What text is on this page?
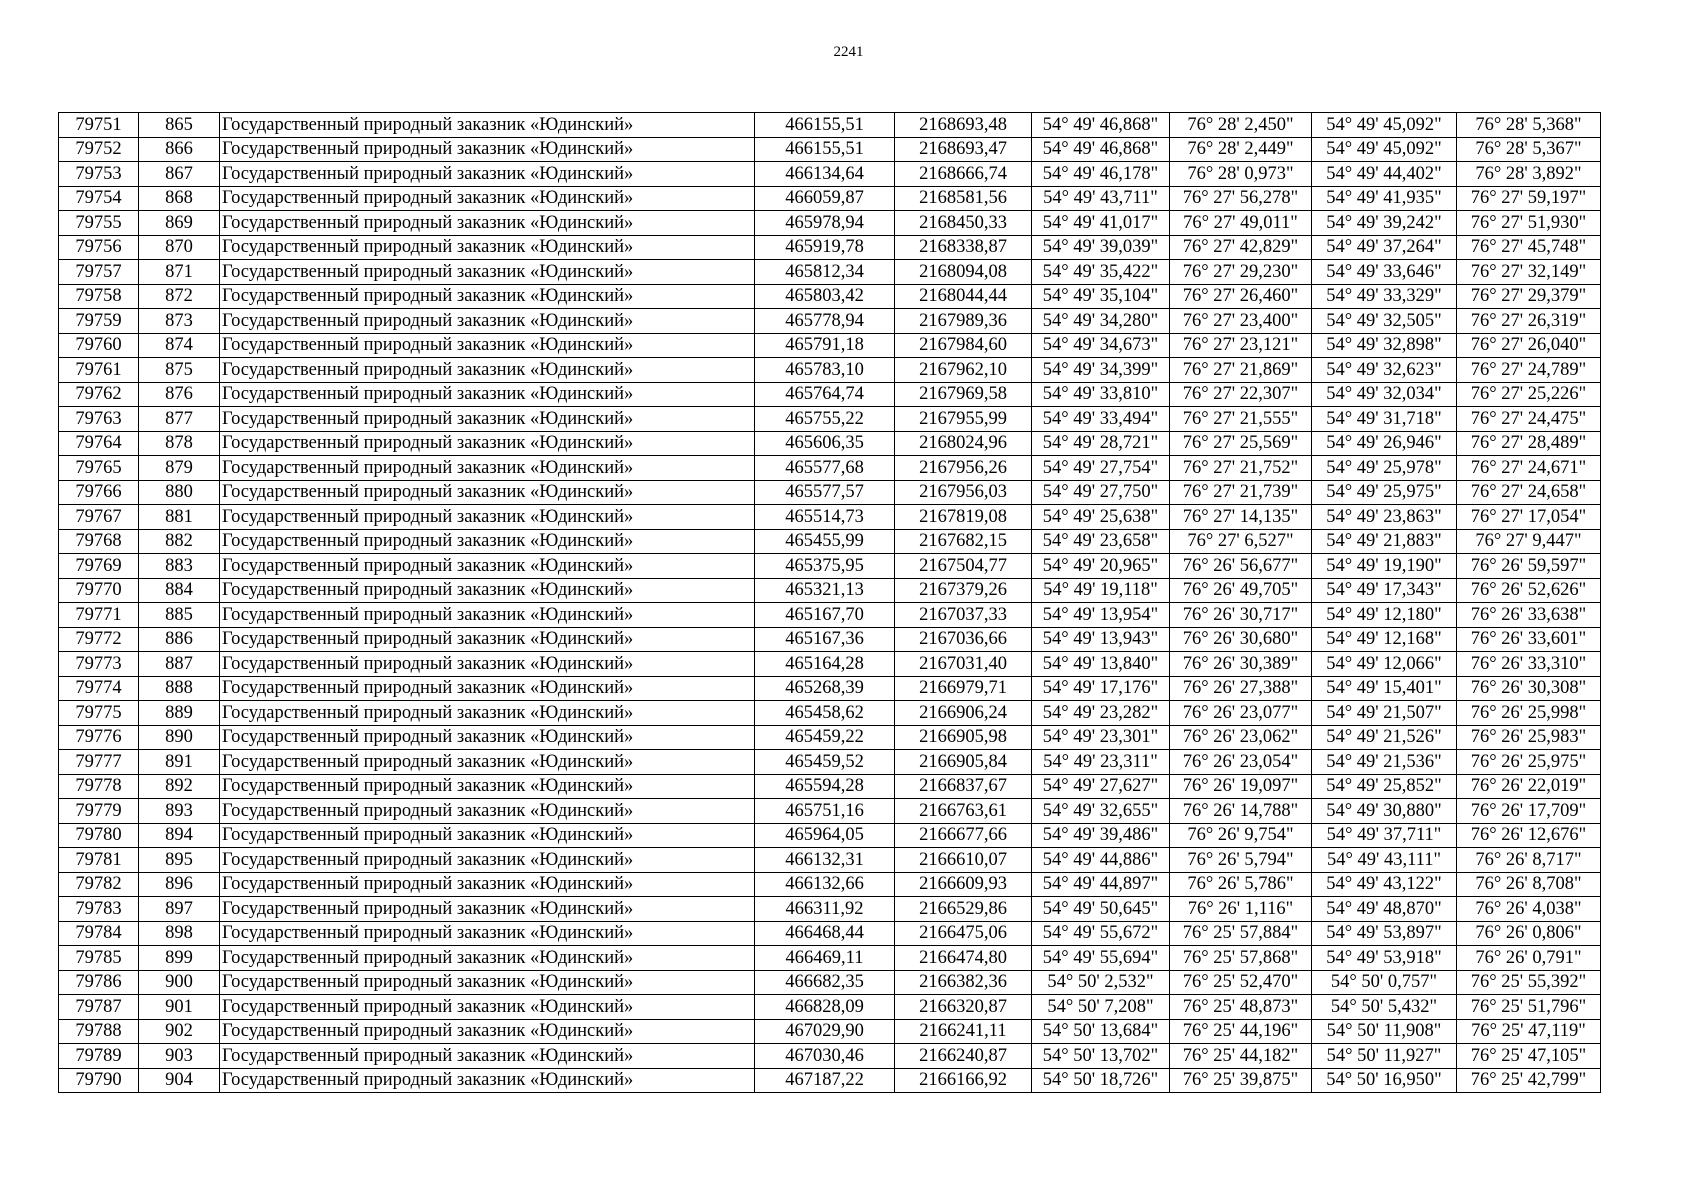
2241
79751	865	Государственный природный заказник «Юдинский»	466155,51	2168693,48	54° 49' 46,868"	76° 28' 2,450"	54° 49' 45,092"	76° 28' 5,368"
79752	866	Государственный природный заказник «Юдинский»	466155,51	2168693,47	54° 49' 46,868"	76° 28' 2,449"	54° 49' 45,092"	76° 28' 5,367"
79753	867	Государственный природный заказник «Юдинский»	466134,64	2168666,74	54° 49' 46,178"	76° 28' 0,973"	54° 49' 44,402"	76° 28' 3,892"
79754	868	Государственный природный заказник «Юдинский»	466059,87	2168581,56	54° 49' 43,711"	76° 27' 56,278"	54° 49' 41,935"	76° 27' 59,197"
79755	869	Государственный природный заказник «Юдинский»	465978,94	2168450,33	54° 49' 41,017"	76° 27' 49,011"	54° 49' 39,242"	76° 27' 51,930"
79756	870	Государственный природный заказник «Юдинский»	465919,78	2168338,87	54° 49' 39,039"	76° 27' 42,829"	54° 49' 37,264"	76° 27' 45,748"
79757	871	Государственный природный заказник «Юдинский»	465812,34	2168094,08	54° 49' 35,422"	76° 27' 29,230"	54° 49' 33,646"	76° 27' 32,149"
79758	872	Государственный природный заказник «Юдинский»	465803,42	2168044,44	54° 49' 35,104"	76° 27' 26,460"	54° 49' 33,329"	76° 27' 29,379"
79759	873	Государственный природный заказник «Юдинский»	465778,94	2167989,36	54° 49' 34,280"	76° 27' 23,400"	54° 49' 32,505"	76° 27' 26,319"
79760	874	Государственный природный заказник «Юдинский»	465791,18	2167984,60	54° 49' 34,673"	76° 27' 23,121"	54° 49' 32,898"	76° 27' 26,040"
79761	875	Государственный природный заказник «Юдинский»	465783,10	2167962,10	54° 49' 34,399"	76° 27' 21,869"	54° 49' 32,623"	76° 27' 24,789"
79762	876	Государственный природный заказник «Юдинский»	465764,74	2167969,58	54° 49' 33,810"	76° 27' 22,307"	54° 49' 32,034"	76° 27' 25,226"
79763	877	Государственный природный заказник «Юдинский»	465755,22	2167955,99	54° 49' 33,494"	76° 27' 21,555"	54° 49' 31,718"	76° 27' 24,475"
79764	878	Государственный природный заказник «Юдинский»	465606,35	2168024,96	54° 49' 28,721"	76° 27' 25,569"	54° 49' 26,946"	76° 27' 28,489"
79765	879	Государственный природный заказник «Юдинский»	465577,68	2167956,26	54° 49' 27,754"	76° 27' 21,752"	54° 49' 25,978"	76° 27' 24,671"
79766	880	Государственный природный заказник «Юдинский»	465577,57	2167956,03	54° 49' 27,750"	76° 27' 21,739"	54° 49' 25,975"	76° 27' 24,658"
79767	881	Государственный природный заказник «Юдинский»	465514,73	2167819,08	54° 49' 25,638"	76° 27' 14,135"	54° 49' 23,863"	76° 27' 17,054"
79768	882	Государственный природный заказник «Юдинский»	465455,99	2167682,15	54° 49' 23,658"	76° 27' 6,527"	54° 49' 21,883"	76° 27' 9,447"
79769	883	Государственный природный заказник «Юдинский»	465375,95	2167504,77	54° 49' 20,965"	76° 26' 56,677"	54° 49' 19,190"	76° 26' 59,597"
79770	884	Государственный природный заказник «Юдинский»	465321,13	2167379,26	54° 49' 19,118"	76° 26' 49,705"	54° 49' 17,343"	76° 26' 52,626"
79771	885	Государственный природный заказник «Юдинский»	465167,70	2167037,33	54° 49' 13,954"	76° 26' 30,717"	54° 49' 12,180"	76° 26' 33,638"
79772	886	Государственный природный заказник «Юдинский»	465167,36	2167036,66	54° 49' 13,943"	76° 26' 30,680"	54° 49' 12,168"	76° 26' 33,601"
79773	887	Государственный природный заказник «Юдинский»	465164,28	2167031,40	54° 49' 13,840"	76° 26' 30,389"	54° 49' 12,066"	76° 26' 33,310"
79774	888	Государственный природный заказник «Юдинский»	465268,39	2166979,71	54° 49' 17,176"	76° 26' 27,388"	54° 49' 15,401"	76° 26' 30,308"
79775	889	Государственный природный заказник «Юдинский»	465458,62	2166906,24	54° 49' 23,282"	76° 26' 23,077"	54° 49' 21,507"	76° 26' 25,998"
79776	890	Государственный природный заказник «Юдинский»	465459,22	2166905,98	54° 49' 23,301"	76° 26' 23,062"	54° 49' 21,526"	76° 26' 25,983"
79777	891	Государственный природный заказник «Юдинский»	465459,52	2166905,84	54° 49' 23,311"	76° 26' 23,054"	54° 49' 21,536"	76° 26' 25,975"
79778	892	Государственный природный заказник «Юдинский»	465594,28	2166837,67	54° 49' 27,627"	76° 26' 19,097"	54° 49' 25,852"	76° 26' 22,019"
79779	893	Государственный природный заказник «Юдинский»	465751,16	2166763,61	54° 49' 32,655"	76° 26' 14,788"	54° 49' 30,880"	76° 26' 17,709"
79780	894	Государственный природный заказник «Юдинский»	465964,05	2166677,66	54° 49' 39,486"	76° 26' 9,754"	54° 49' 37,711"	76° 26' 12,676"
79781	895	Государственный природный заказник «Юдинский»	466132,31	2166610,07	54° 49' 44,886"	76° 26' 5,794"	54° 49' 43,111"	76° 26' 8,717"
79782	896	Государственный природный заказник «Юдинский»	466132,66	2166609,93	54° 49' 44,897"	76° 26' 5,786"	54° 49' 43,122"	76° 26' 8,708"
79783	897	Государственный природный заказник «Юдинский»	466311,92	2166529,86	54° 49' 50,645"	76° 26' 1,116"	54° 49' 48,870"	76° 26' 4,038"
79784	898	Государственный природный заказник «Юдинский»	466468,44	2166475,06	54° 49' 55,672"	76° 25' 57,884"	54° 49' 53,897"	76° 26' 0,806"
79785	899	Государственный природный заказник «Юдинский»	466469,11	2166474,80	54° 49' 55,694"	76° 25' 57,868"	54° 49' 53,918"	76° 26' 0,791"
79786	900	Государственный природный заказник «Юдинский»	466682,35	2166382,36	54° 50' 2,532"	76° 25' 52,470"	54° 50' 0,757"	76° 25' 55,392"
79787	901	Государственный природный заказник «Юдинский»	466828,09	2166320,87	54° 50' 7,208"	76° 25' 48,873"	54° 50' 5,432"	76° 25' 51,796"
79788	902	Государственный природный заказник «Юдинский»	467029,90	2166241,11	54° 50' 13,684"	76° 25' 44,196"	54° 50' 11,908"	76° 25' 47,119"
79789	903	Государственный природный заказник «Юдинский»	467030,46	2166240,87	54° 50' 13,702"	76° 25' 44,182"	54° 50' 11,927"	76° 25' 47,105"
79790	904	Государственный природный заказник «Юдинский»	467187,22	2166166,92	54° 50' 18,726"	76° 25' 39,875"	54° 50' 16,950"	76° 25' 42,799"
